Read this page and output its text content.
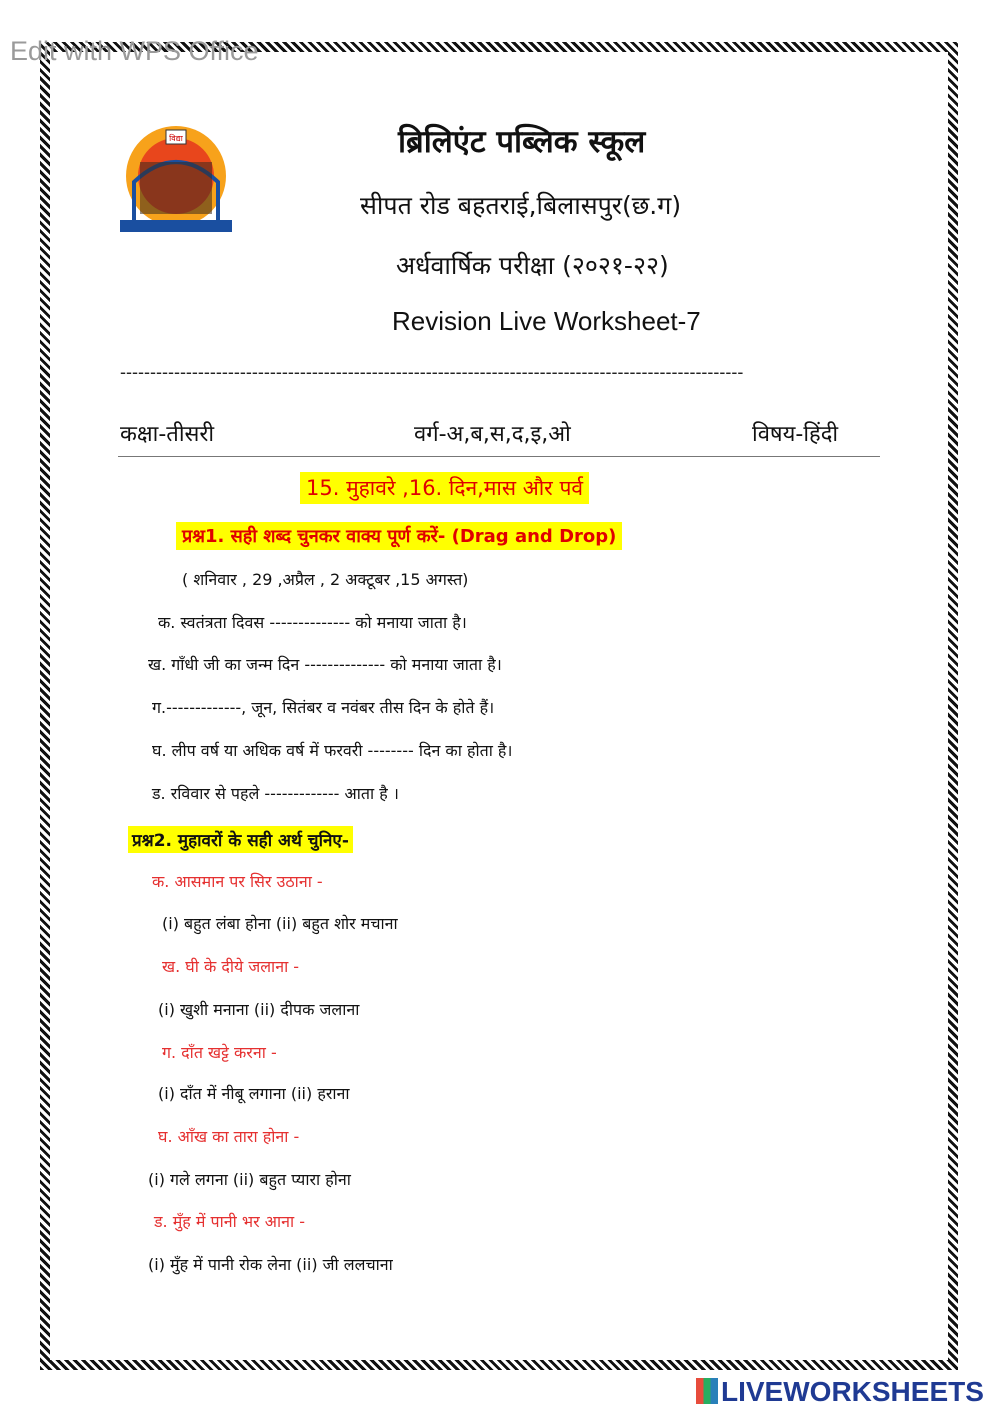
Edit with WPS Office
विद्या	ब्रिलिएंट पब्लिक स्कूल
सीपत रोड बहतराई,बिलासपुर(छ.ग)
अर्धवार्षिक परीक्षा (२०२१-२२)
Revision Live Worksheet-7
--------------------------------------------------------------------------------------------------------
कक्षा-तीसरी	वर्ग-अ,ब,स,द,इ,ओ	विषय-हिंदी
15. मुहावरे ,16. दिन,मास और पर्व
प्रश्न1. सही शब्द चुनकर वाक्य पूर्ण करें- (Drag and Drop)
( शनिवार , 29 ,अप्रैल , 2 अक्टूबर ,15 अगस्त)
क. स्वतंत्रता दिवस -------------- को मनाया जाता है।
ख. गाँधी जी का जन्म दिन -------------- को मनाया जाता है।
ग.-------------, जून, सितंबर व नवंबर तीस दिन के होते हैं।
घ. लीप वर्ष या अधिक वर्ष में फरवरी -------- दिन का होता है।
ड. रविवार से पहले ------------- आता है ।
प्रश्न2. मुहावरों के सही अर्थ चुनिए-
क. आसमान पर सिर उठाना -
(i) बहुत लंबा होना (ii) बहुत शोर मचाना
ख. घी के दीये जलाना -
(i) खुशी मनाना (ii) दीपक जलाना
ग. दाँत खट्टे करना -
(i) दाँत में नीबू लगाना (ii) हराना
घ. आँख का तारा होना -
(i) गले लगना (ii) बहुत प्यारा होना
ड. मुँह में पानी भर आना -
(i) मुँह में पानी रोक लेना (ii) जी ललचाना
LIVEWORKSHEETS
